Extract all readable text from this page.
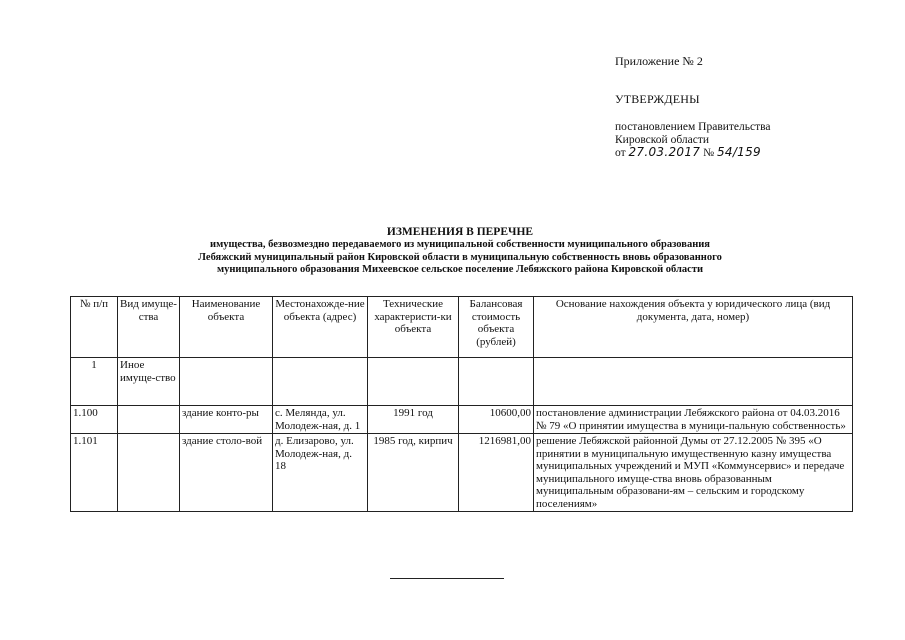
Приложение № 2
УТВЕРЖДЕНЫ
постановлением Правительства
Кировской области
от 27.03.2017 № 54/159
ИЗМЕНЕНИЯ В ПЕРЕЧНЕ
имущества, безвозмездно передаваемого из муниципальной собственности муниципального образования
Лебяжский муниципальный район Кировской области в муниципальную собственность вновь образованного
муниципального образования Михеевское сельское поселение Лебяжского района Кировской области
№ п/п	Вид имуще-ства	Наименование объекта	Местонахожде-ние объекта (адрес)	Технические характеристи-ки объекта	Балансовая стоимость объекта (рублей)	Основание нахождения объекта у юридического лица (вид документа, дата, номер)
1	Иное имуще-ство					
1.100		здание конто-ры	с. Мелянда, ул. Молодеж-ная, д. 1	1991 год	10600,00	постановление администрации Лебяжского района от 04.03.2016 № 79 «О принятии имущества в муници-пальную собственность»
1.101		здание столо-вой	д. Елизарово, ул. Молодеж-ная, д. 18	1985 год, кирпич	1216981,00	решение Лебяжской районной Думы от 27.12.2005 № 395 «О принятии в муниципальную имущественную казну имущества муниципальных учреждений и МУП «Коммунсервис» и передаче муниципального имуще-ства вновь образованным муниципальным образовани-ям – сельским и городскому поселениям»
